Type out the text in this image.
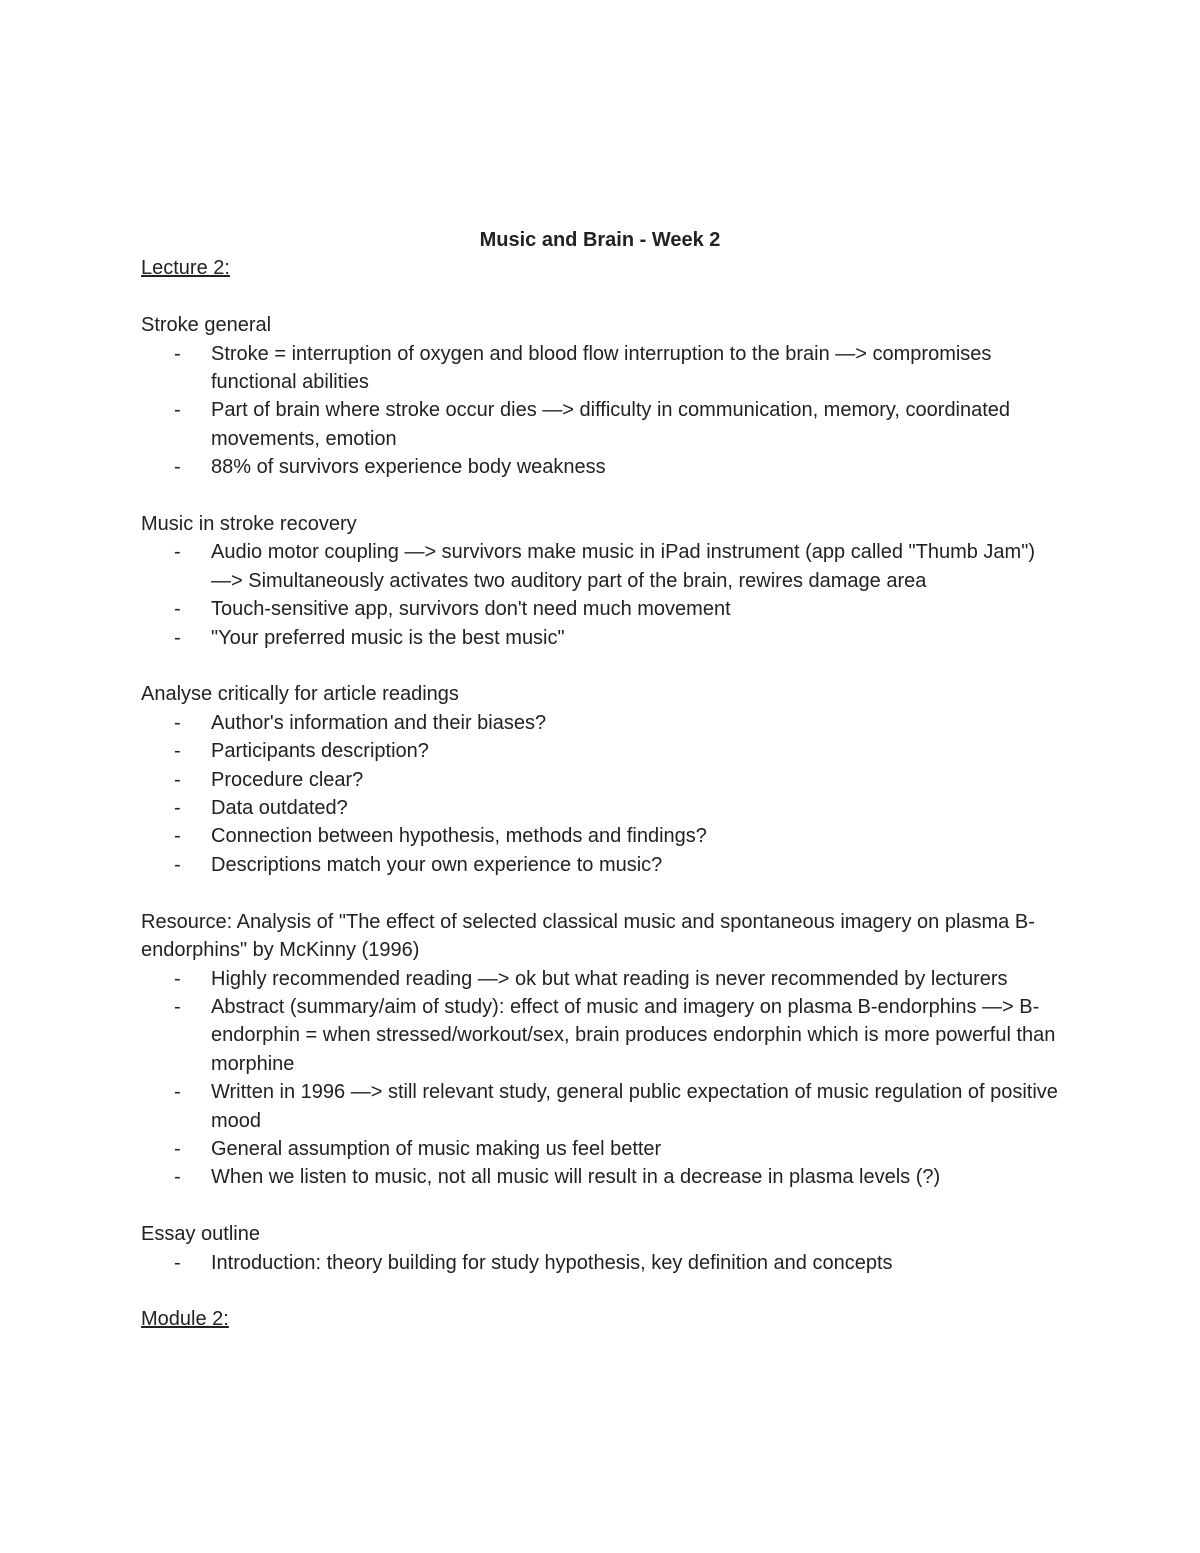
Music and Brain - Week 2

Lecture 2:

Stroke general

- Stroke = interruption of oxygen and blood flow interruption to the brain —> compromises functional abilities
- Part of brain where stroke occur dies —> difficulty in communication, memory, coordinated movements, emotion
- 88% of survivors experience body weakness

Music in stroke recovery

- Audio motor coupling —> survivors make music in iPad instrument (app called "Thumb Jam") —> Simultaneously activates two auditory part of the brain, rewires damage area
- Touch-sensitive app, survivors don't need much movement
- "Your preferred music is the best music"

Analyse critically for article readings

- Author's information and their biases?
- Participants description?
- Procedure clear?
- Data outdated?
- Connection between hypothesis, methods and findings?
- Descriptions match your own experience to music?

Resource: Analysis of "The effect of selected classical music and spontaneous imagery on plasma B-endorphins" by McKinny (1996)

- Highly recommended reading —> ok but what reading is never recommended by lecturers
- Abstract (summary/aim of study): effect of music and imagery on plasma B-endorphins —> B-endorphin = when stressed/workout/sex, brain produces endorphin which is more powerful than morphine
- Written in 1996 —> still relevant study, general public expectation of music regulation of positive mood
- General assumption of music making us feel better
- When we listen to music, not all music will result in a decrease in plasma levels (?)

Essay outline

- Introduction: theory building for study hypothesis, key definition and concepts

Module 2:
